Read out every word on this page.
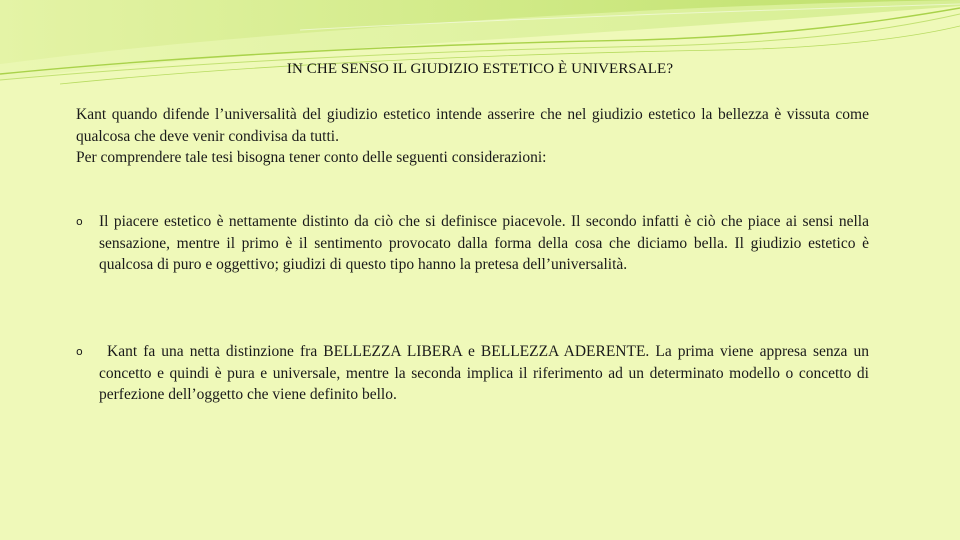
IN CHE SENSO IL GIUDIZIO ESTETICO È UNIVERSALE?

Kant quando difende l’universalità del giudizio estetico intende asserire che nel giudizio estetico la bellezza è vissuta come qualcosa che deve venir condivisa da tutti.

Per comprendere tale tesi bisogna tener conto delle seguenti considerazioni:

o Il piacere estetico è nettamente distinto da ciò che si definisce piacevole. Il secondo infatti è ciò che piace ai sensi nella sensazione, mentre il primo è il sentimento provocato dalla forma della cosa che diciamo bella. Il giudizio estetico è qualcosa di puro e oggettivo; giudizi di questo tipo hanno la pretesa dell’universalità.
o	Kant fa una netta distinzione fra BELLEZZA LIBERA e BELLEZZA ADERENTE. La prima viene appresa senza un concetto e quindi è pura e universale, mentre la seconda implica il riferimento ad un determinato modello o concetto di perfezione dell’oggetto che viene definito bello.
